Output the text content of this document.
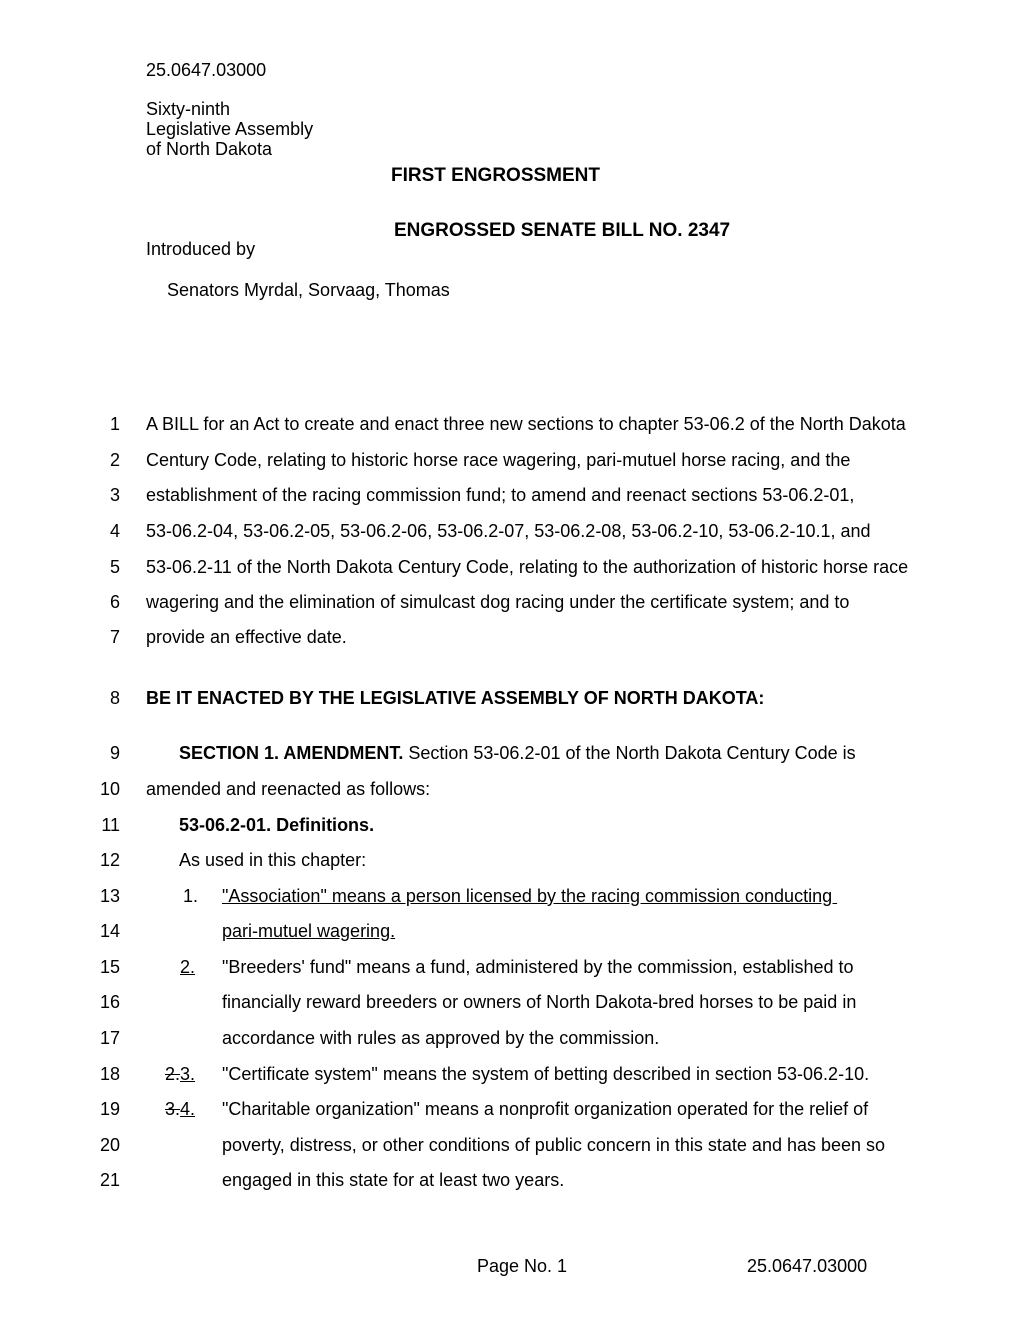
25.0647.03000
Sixty-ninth
Legislative Assembly
of North Dakota
FIRST ENGROSSMENT
ENGROSSED SENATE BILL NO. 2347
Introduced by
Senators Myrdal, Sorvaag, Thomas
1
2
3
4
5
6
7
8
9
10
11
12
13
14
15
16
17
18
19
20
21
A BILL for an Act to create and enact three new sections to chapter 53-06.2 of the North Dakota
Century Code, relating to historic horse race wagering, pari-mutuel horse racing, and the
establishment of the racing commission fund; to amend and reenact sections 53-06.2-01,
53-06.2-04, 53-06.2-05, 53-06.2-06, 53-06.2-07, 53-06.2-08, 53-06.2-10, 53-06.2-10.1, and
53-06.2-11 of the North Dakota Century Code, relating to the authorization of historic horse race
wagering and the elimination of simulcast dog racing under the certificate system; and to
provide an effective date.
BE IT ENACTED BY THE LEGISLATIVE ASSEMBLY OF NORTH DAKOTA:
SECTION 1. AMENDMENT. Section 53-06.2-01 of the North Dakota Century Code is
amended and reenacted as follows:
53-06.2-01. Definitions.
As used in this chapter:
1. "Association" means a person licensed by the racing commission conducting
pari-mutuel wagering.
2. "Breeders' fund" means a fund, administered by the commission, established to
financially reward breeders or owners of North Dakota-bred horses to be paid in
accordance with rules as approved by the commission.
2.3. "Certificate system" means the system of betting described in section 53-06.2-10.
3.4. "Charitable organization" means a nonprofit organization operated for the relief of
poverty, distress, or other conditions of public concern in this state and has been so
engaged in this state for at least two years.
Page No. 1	25.0647.03000
